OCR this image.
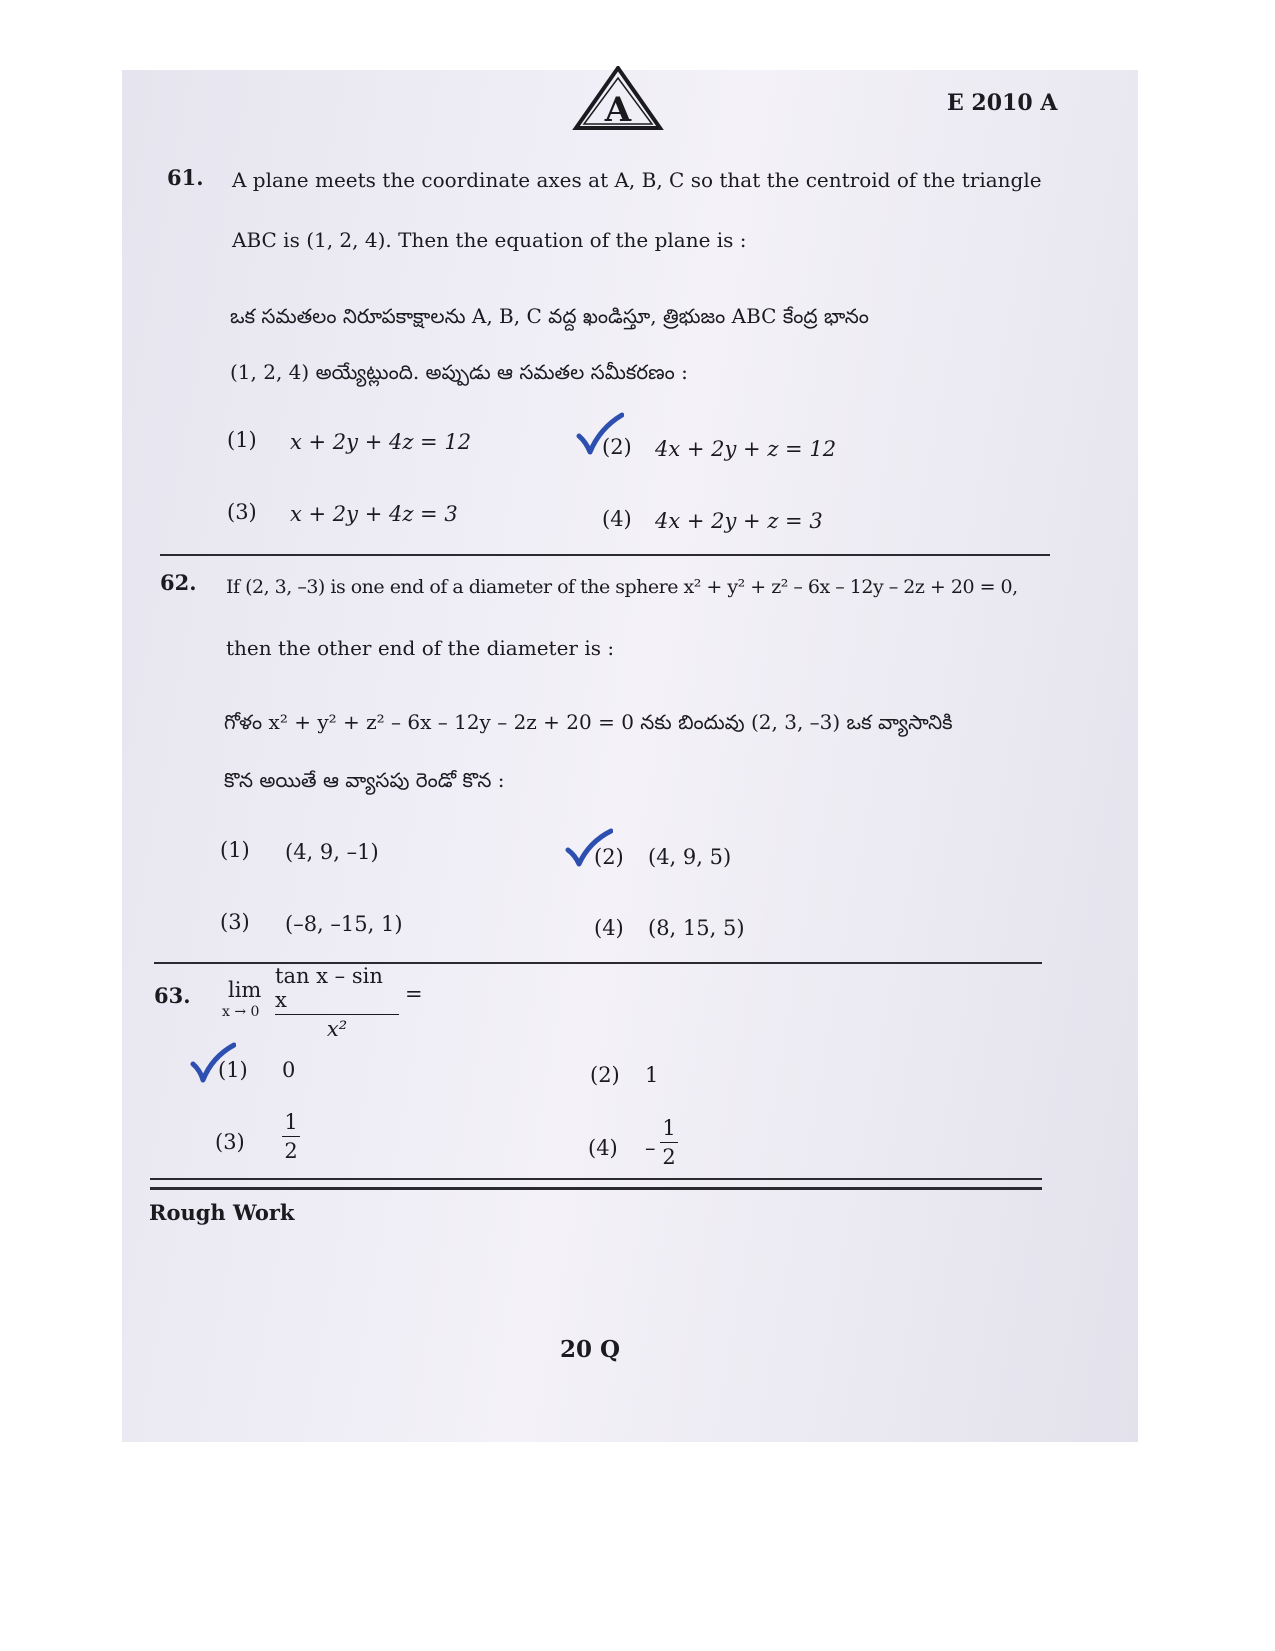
A	E 2010 A
61. A plane meets the coordinate axes at A, B, C so that the centroid of the triangle
ABC is (1, 2, 4). Then the equation of the plane is :
ఒక సమతలం నిరూపకాక్షాలను A, B, C వద్ద ఖండిస్తూ, త్రిభుజం ABC కేంద్ర భానం
(1, 2, 4) అయ్యేట్లుంది. అప్పుడు ఆ సమతల సమీకరణం :
(1) x + 2y + 4z = 12	(2) 4x + 2y + z = 12
(3) x + 2y + 4z = 3	(4) 4x + 2y + z = 3
62. If (2, 3, –3) is one end of a diameter of the sphere x² + y² + z² – 6x – 12y – 2z + 20 = 0,
then the other end of the diameter is :
గోళం x² + y² + z² – 6x – 12y – 2z + 20 = 0 నకు బిందువు (2, 3, –3) ఒక వ్యాసానికి
కొన అయితే ఆ వ్యాసపు రెండో కొన :
(1) (4, 9, –1)	(2) (4, 9, 5)
(3) (–8, –15, 1)	(4) (8, 15, 5)
63. lim
x → 0
tan x – sin x
x²
=
(1) 0	(2) 1
(3)
1
2	(4) –
1
2
Rough Work
20 Q
